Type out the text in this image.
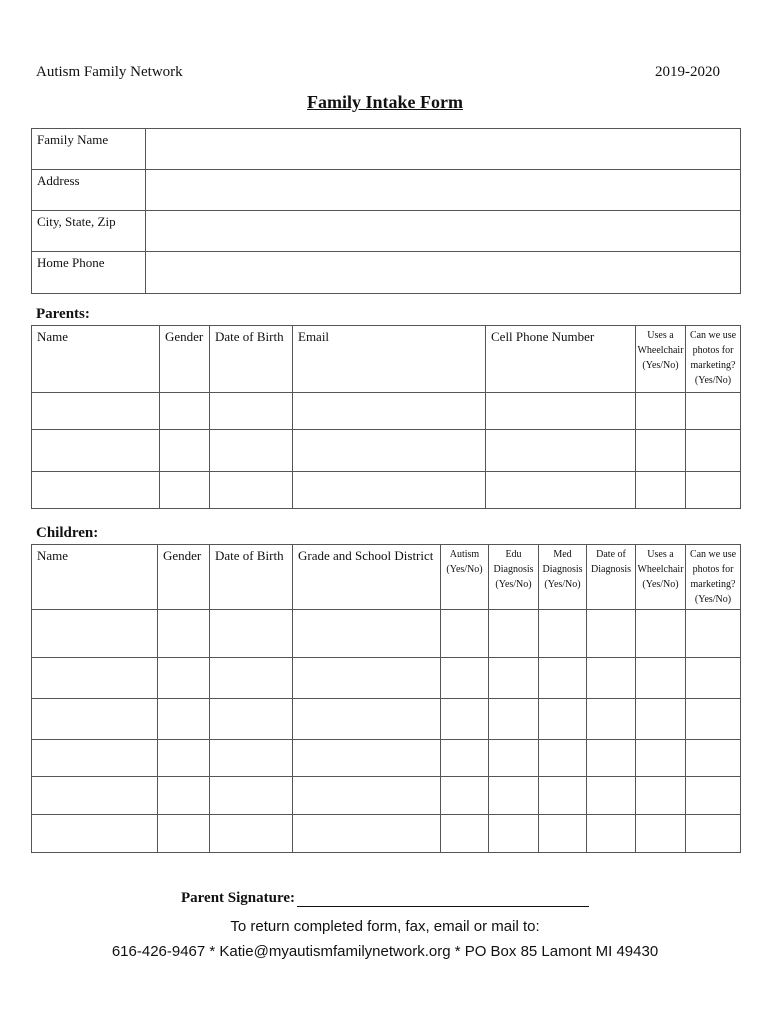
Autism Family Network	2019-2020
Family Intake Form
Family Name	
Address	
City, State, Zip	
Home Phone	
Parents:
Name	Gender	Date of Birth	Email	Cell Phone Number	Uses a Wheelchair (Yes/No)	Can we use photos for marketing? (Yes/No)

Children:
Name	Gender	Date of Birth	Grade and School District	Autism (Yes/No)	Edu Diagnosis (Yes/No)	Med Diagnosis (Yes/No)	Date of Diagnosis	Uses a Wheelchair (Yes/No)	Can we use photos for marketing? (Yes/No)

Parent Signature:
To return completed form, fax, email or mail to:
616-426-9467 * Katie@myautismfamilynetwork.org * PO Box 85 Lamont MI 49430
